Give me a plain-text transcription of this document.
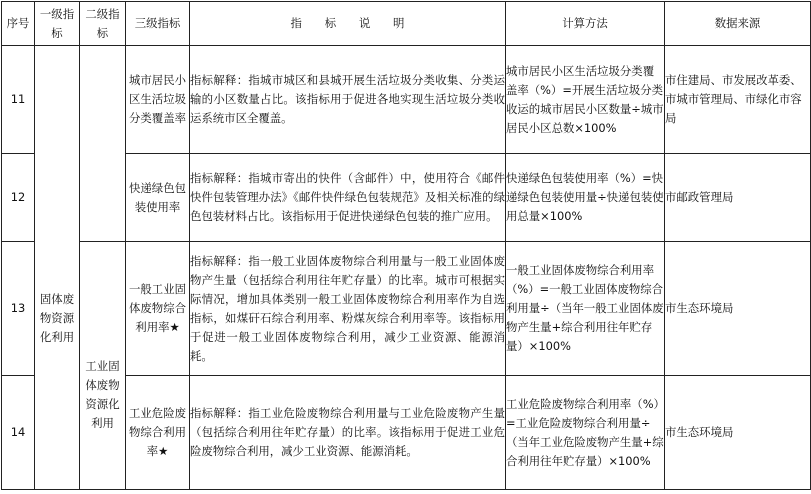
序号	一级指标	二级指标	三级指标	指　　标　　说　　明	计算方法	数据来源
11	固体废物资源化利用		城市居民小区生活垃圾分类覆盖率	指标解释：指城市城区和县城开展生活垃圾分类收集、分类运输的小区数量占比。该指标用于促进各地实现生活垃圾分类收运系统市区全覆盖。	城市居民小区生活垃圾分类覆盖率（%）=开展生活垃圾分类收运的城市居民小区数量÷城市居民小区总数×100%	市住建局、市发展改革委、市城市管理局、市绿化市容局
12			快递绿色包装使用率	指标解释：指城市寄出的快件（含邮件）中，使用符合《邮件快件包装管理办法》《邮件快件绿色包装规范》及相关标准的绿色包装材料占比。该指标用于促进快递绿色包装的推广应用。	快递绿色包装使用率（%）=快递绿色包装使用量÷快递包装使用总量×100%	市邮政管理局
13		工业固体废物资源化利用	一般工业固体废物综合利用率★	指标解释：指一般工业固体废物综合利用量与一般工业固体废物产生量（包括综合利用往年贮存量）的比率。城市可根据实际情况，增加具体类别一般工业固体废物综合利用率作为自选指标，如煤矸石综合利用率、粉煤灰综合利用率等。该指标用于促进一般工业固体废物综合利用，减少工业资源、能源消耗。	一般工业固体废物综合利用率（%）=一般工业固体废物综合利用量÷（当年一般工业固体废物产生量+综合利用往年贮存量）×100%	市生态环境局
14			工业危险废物综合利用率★	指标解释：指工业危险废物综合利用量与工业危险废物产生量（包括综合利用往年贮存量）的比率。该指标用于促进工业危险废物综合利用，减少工业资源、能源消耗。	工业危险废物综合利用率（%）=工业危险废物综合利用量÷（当年工业危险废物产生量+综合利用往年贮存量）×100%	市生态环境局
